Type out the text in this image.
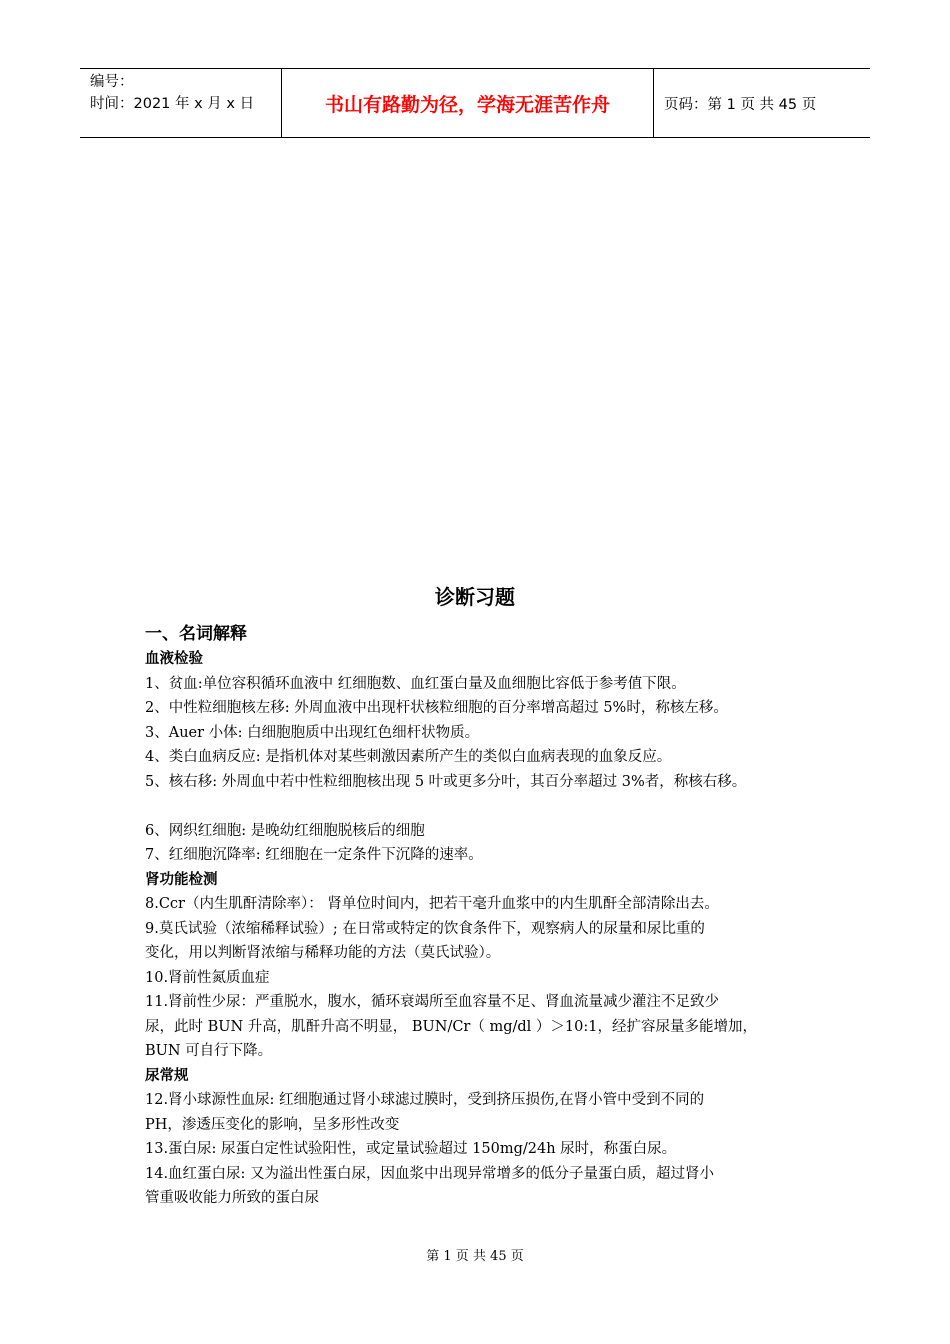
编号：
时间：2021 年 x 月 x 日	书山有路勤为径，学海无涯苦作舟	页码：第 1 页 共 45 页
诊断习题
一、名词解释
血液检验
1、贫血:单位容积循环血液中 红细胞数、血红蛋白量及血细胞比容低于参考值下限。
2、中性粒细胞核左移: 外周血液中出现杆状核粒细胞的百分率增高超过 5%时，称核左移。
3、Auer 小体: 白细胞胞质中出现红色细杆状物质。
4、类白血病反应: 是指机体对某些刺激因素所产生的类似白血病表现的血象反应。
5、核右移: 外周血中若中性粒细胞核出现 5 叶或更多分叶，其百分率超过 3%者，称核右移。
6、网织红细胞: 是晚幼红细胞脱核后的细胞
7、红细胞沉降率: 红细胞在一定条件下沉降的速率。
肾功能检测
8.Ccr（内生肌酐清除率）： 肾单位时间内，把若干毫升血浆中的内生肌酐全部清除出去。
9.莫氏试验（浓缩稀释试验）; 在日常或特定的饮食条件下，观察病人的尿量和尿比重的
变化，用以判断肾浓缩与稀释功能的方法（莫氏试验）。
10.肾前性氮质血症
11.肾前性少尿：严重脱水，腹水，循环衰竭所至血容量不足、肾血流量减少灌注不足致少
尿，此时 BUN 升高，肌酐升高不明显， BUN/Cr（ mg/dl ）＞10:1，经扩容尿量多能增加，
BUN 可自行下降。
尿常规
12.肾小球源性血尿: 红细胞通过肾小球滤过膜时，受到挤压损伤,在肾小管中受到不同的
PH，渗透压变化的影响，呈多形性改变
13.蛋白尿: 尿蛋白定性试验阳性，或定量试验超过 150mg/24h 尿时，称蛋白尿。
14.血红蛋白尿: 又为溢出性蛋白尿，因血浆中出现异常增多的低分子量蛋白质，超过肾小
管重吸收能力所致的蛋白尿
第 1 页 共 45 页
